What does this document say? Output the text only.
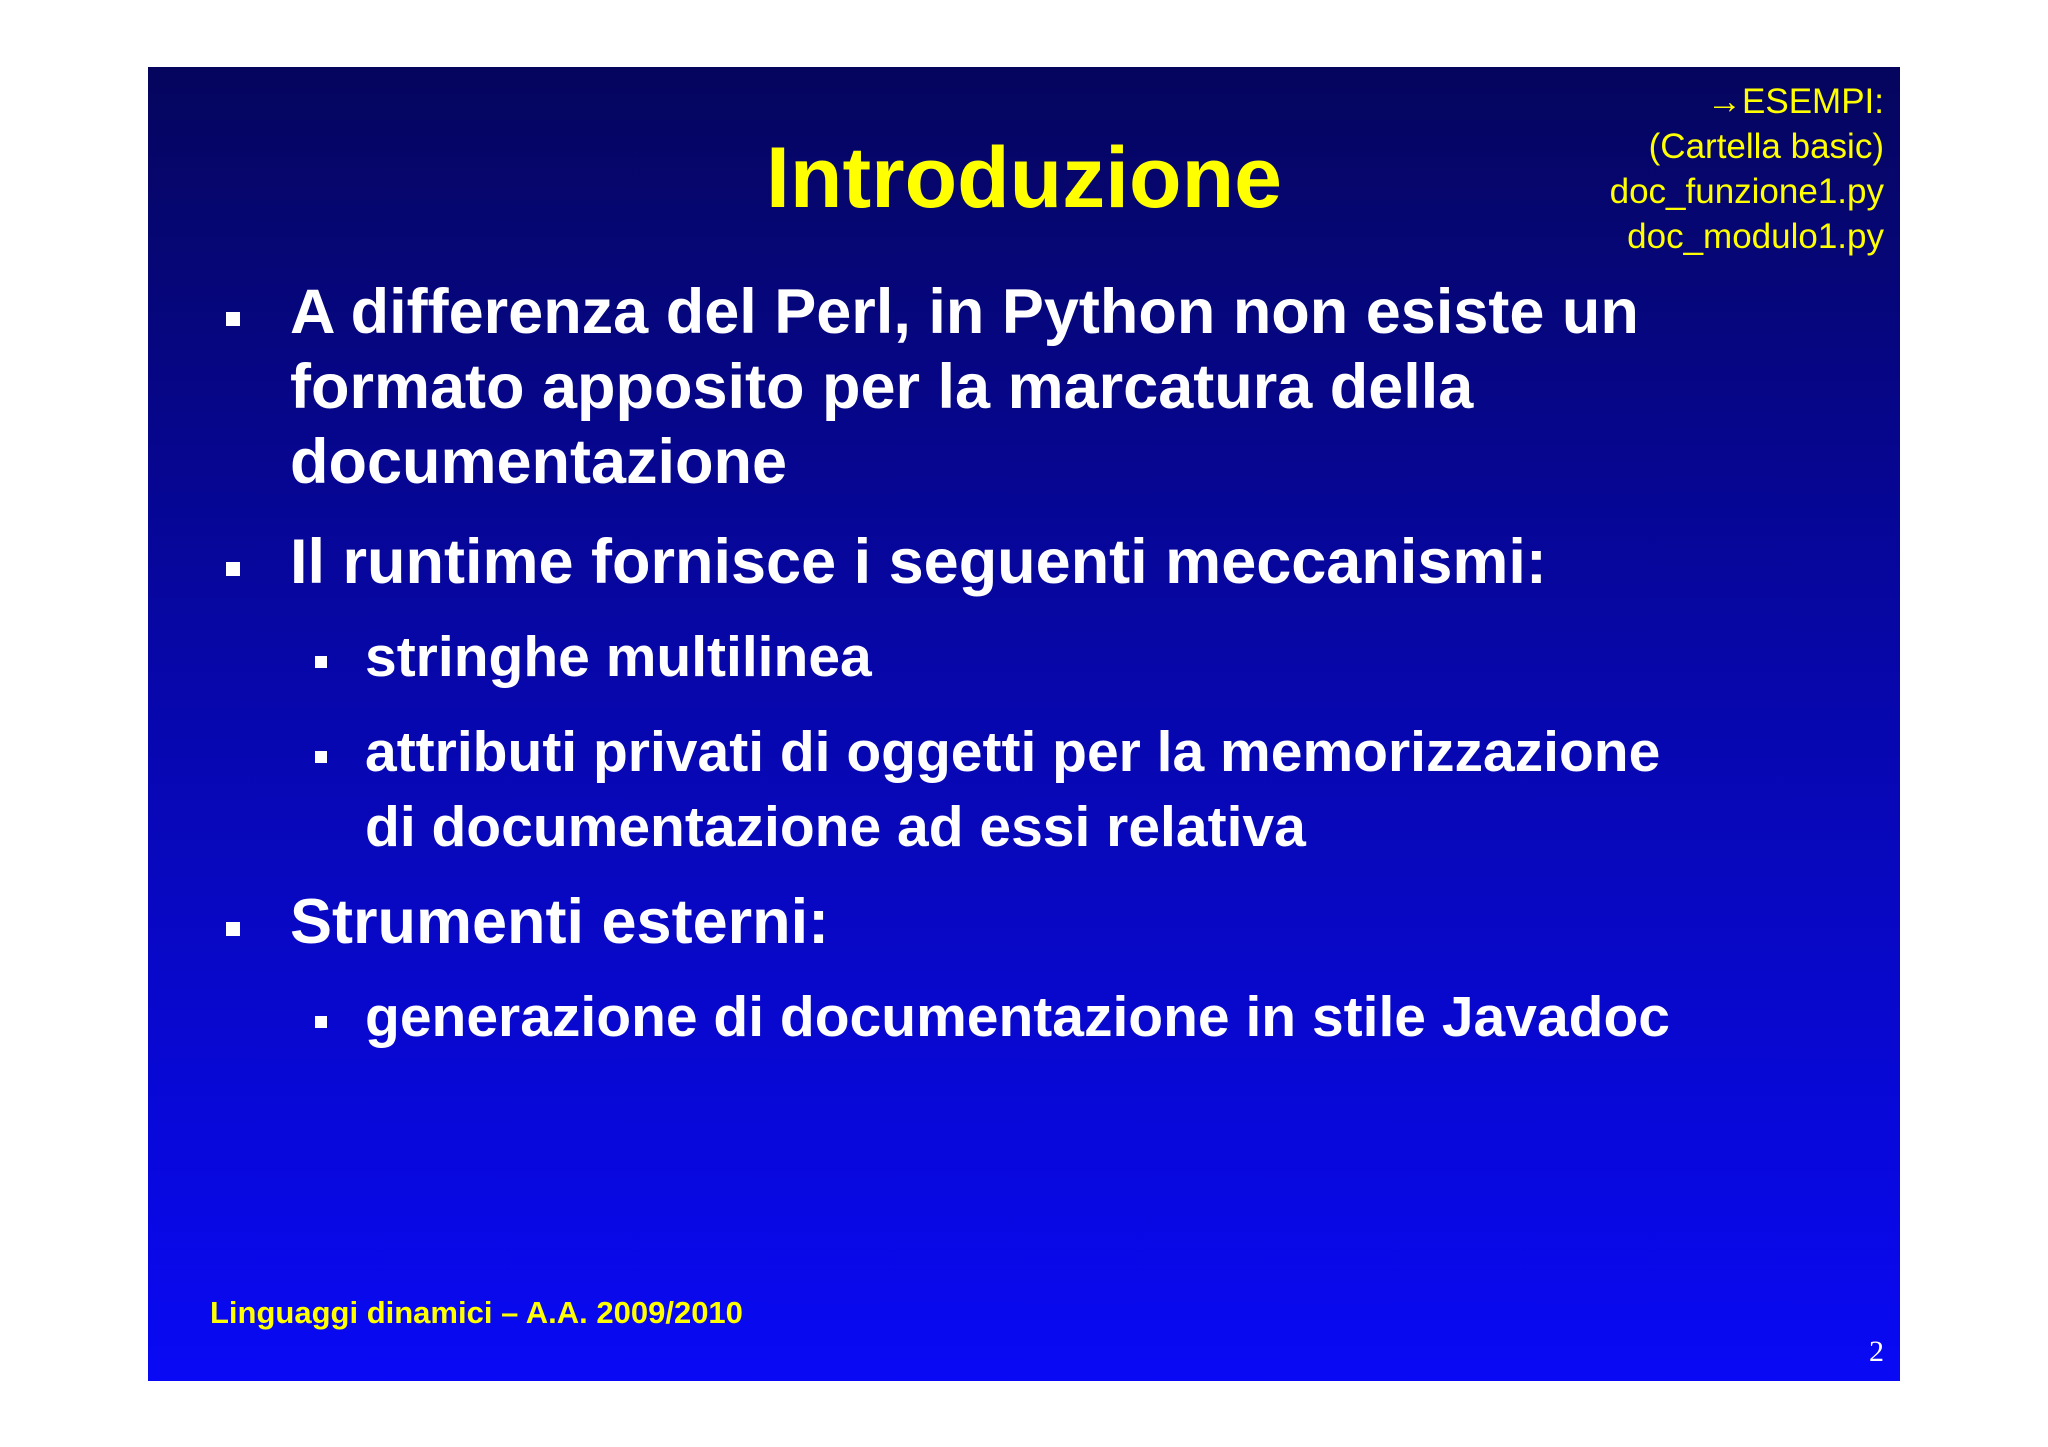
→ESEMPI:
(Cartella basic)
doc_funzione1.py
doc_modulo1.py
Introduzione
A differenza del Perl, in Python non esiste un
formato apposito per la marcatura della
documentazione
Il runtime fornisce i seguenti meccanismi:
stringhe multilinea
attributi privati di oggetti per la memorizzazione
di documentazione ad essi relativa
Strumenti esterni:
generazione di documentazione in stile Javadoc
Linguaggi dinamici – A.A. 2009/2010
2
